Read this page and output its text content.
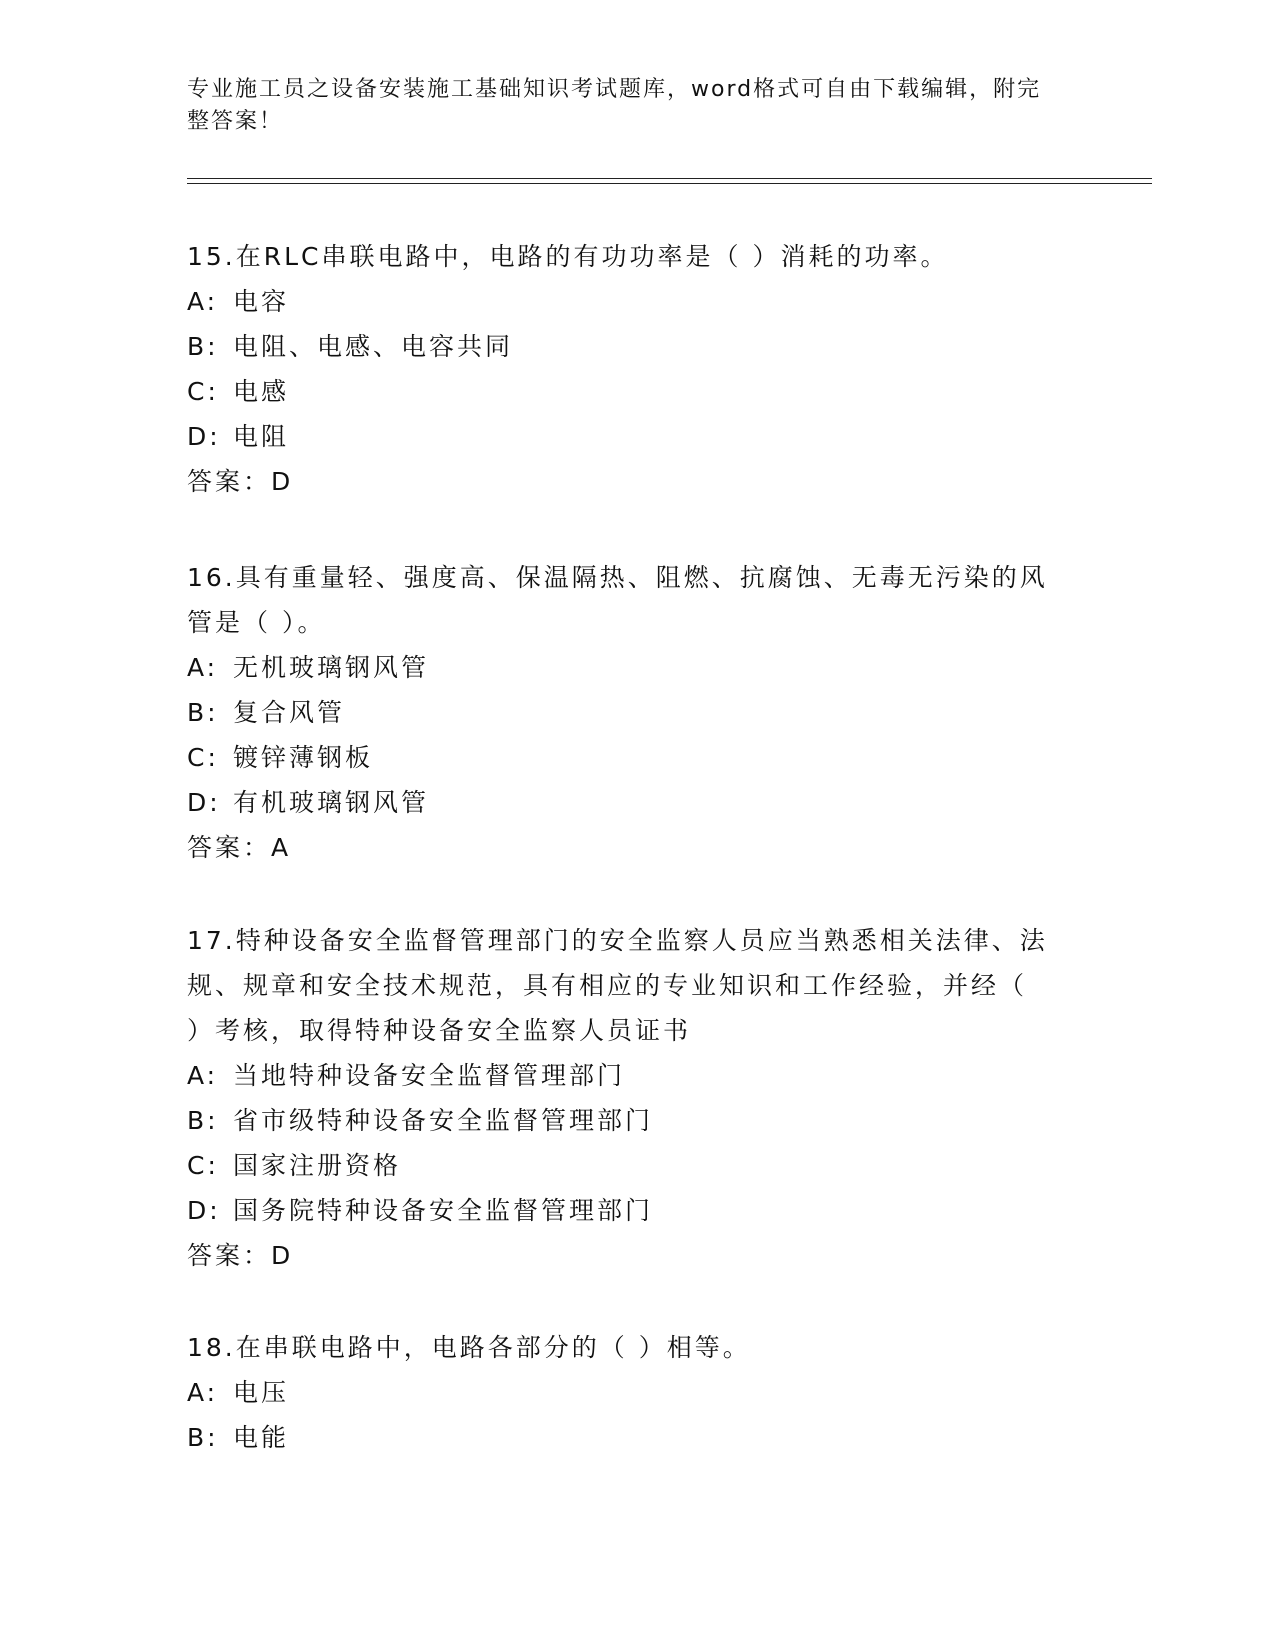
专业施工员之设备安装施工基础知识考试题库，word格式可自由下载编辑，附完
整答案！

15.在RLC串联电路中，电路的有功功率是（ ）消耗的功率。

A: 电容

B: 电阻、电感、电容共同

C: 电感

D: 电阻

答案：D

16.具有重量轻、强度高、保温隔热、阻燃、抗腐蚀、无毒无污染的风

管是（ ）。

A: 无机玻璃钢风管

B: 复合风管

C: 镀锌薄钢板

D: 有机玻璃钢风管

答案：A

17.特种设备安全监督管理部门的安全监察人员应当熟悉相关法律、法

规、规章和安全技术规范，具有相应的专业知识和工作经验，并经（

）考核，取得特种设备安全监察人员证书

A: 当地特种设备安全监督管理部门

B: 省市级特种设备安全监督管理部门

C: 国家注册资格

D: 国务院特种设备安全监督管理部门

答案：D

18.在串联电路中，电路各部分的（ ）相等。

A: 电压

B: 电能
